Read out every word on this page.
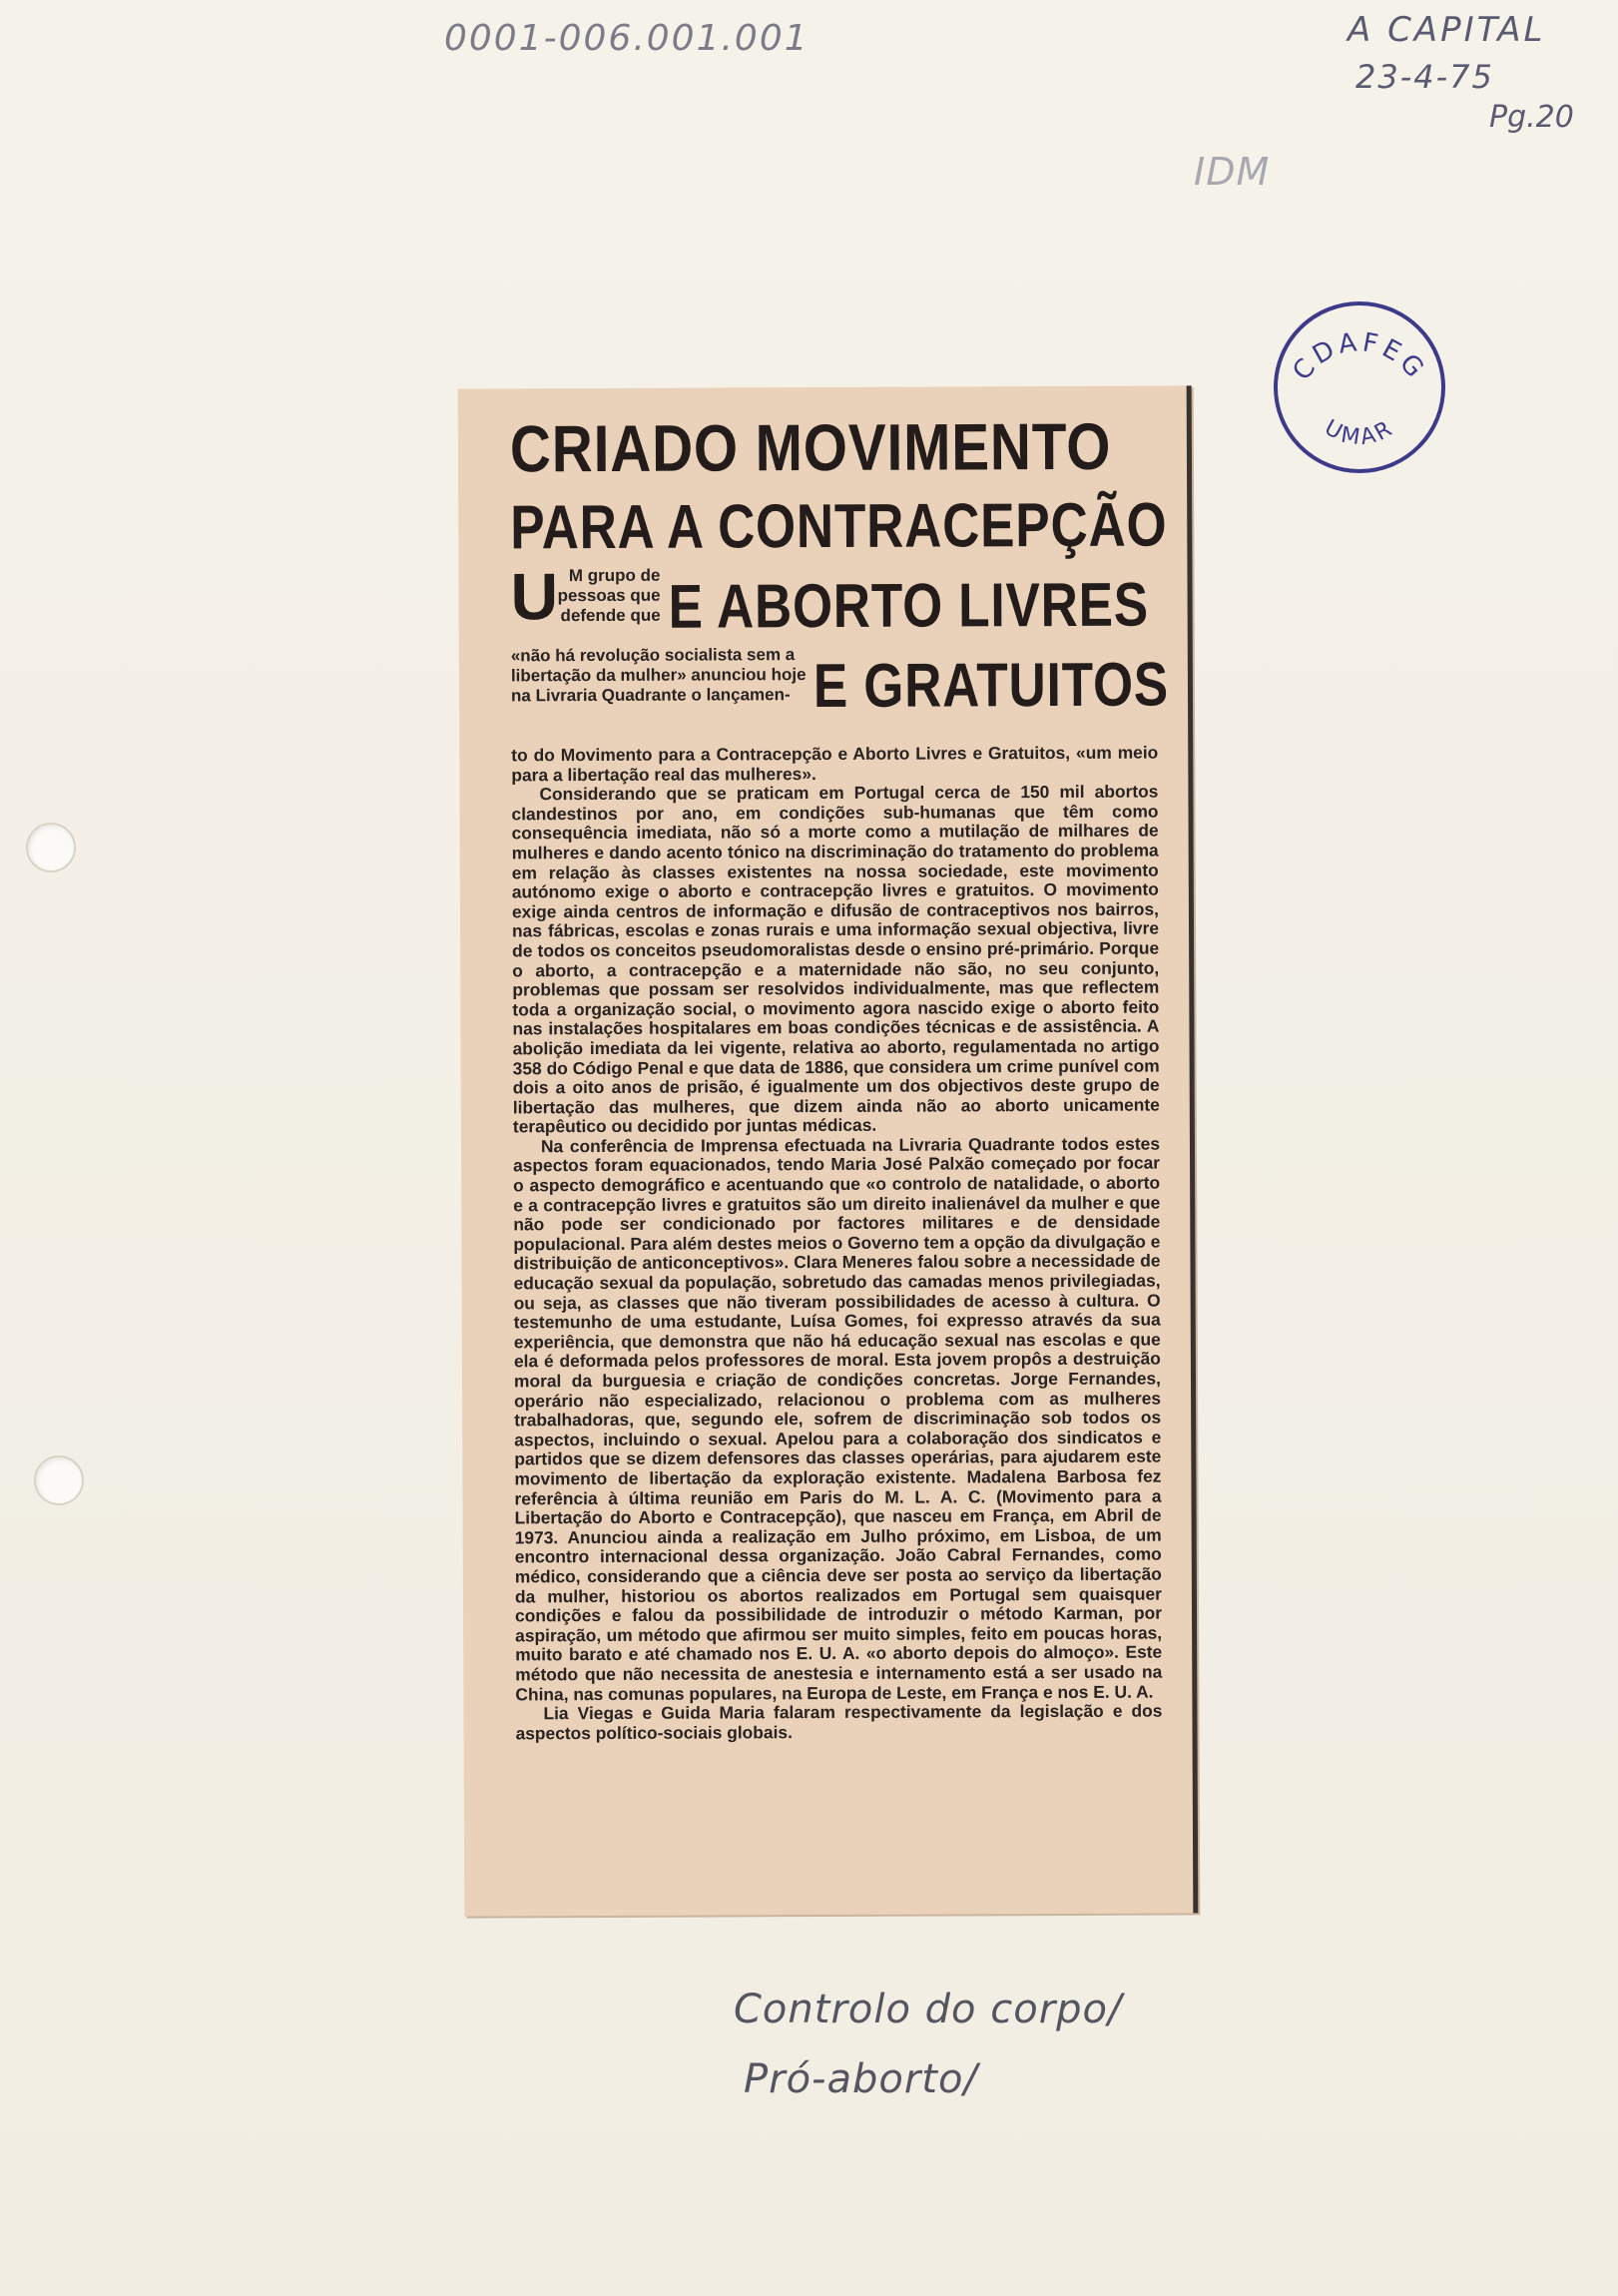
0001-006.001.001	A CAPITAL
23-4-75
Pg.20
IDM
CDAFEG
UMAR
CRIADO MOVIMENTO
PARA A CONTRACEPÇÃO
E ABORTO LIVRES
E GRATUITOS
U M grupo de pessoas que defende que
«não há revolução socialista sem a libertação da mulher» anunciou hoje na Livraria Quadrante o lançamen-

to do Movimento para a Contracepção e Aborto Livres e Gratuitos, «um meio para a libertação real das mulheres».

Considerando que se praticam em Portugal cerca de 150 mil abortos clandestinos por ano, em condições sub-humanas que têm como consequência imediata, não só a morte como a mutilação de milhares de mulheres e dando acento tónico na discriminação do tratamento do problema em relação às classes existentes na nossa sociedade, este movimento autónomo exige o aborto e contracepção livres e gratuitos. O movimento exige ainda centros de informação e difusão de contraceptivos nos bairros, nas fábricas, escolas e zonas rurais e uma informação sexual objectiva, livre de todos os conceitos pseudomoralistas desde o ensino pré-primário. Porque o aborto, a contracepção e a maternidade não são, no seu conjunto, problemas que possam ser resolvidos individualmente, mas que reflectem toda a organização social, o movimento agora nascido exige o aborto feito nas instalações hospitalares em boas condições técnicas e de assistência. A abolição imediata da lei vigente, relativa ao aborto, regulamentada no artigo 358 do Código Penal e que data de 1886, que considera um crime punível com dois a oito anos de prisão, é igualmente um dos objectivos deste grupo de libertação das mulheres, que dizem ainda não ao aborto unicamente terapêutico ou decidido por juntas médicas.

Na conferência de Imprensa efectuada na Livraria Quadrante todos estes aspectos foram equacionados, tendo Maria José Palxão começado por focar o aspecto demográfico e acentuando que «o controlo de natalidade, o aborto e a contracepção livres e gratuitos são um direito inalienável da mulher e que não pode ser condicionado por factores militares e de densidade populacional. Para além destes meios o Governo tem a opção da divulgação e distribuição de anticonceptivos». Clara Meneres falou sobre a necessidade de educação sexual da população, sobretudo das camadas menos privilegiadas, ou seja, as classes que não tiveram possibilidades de acesso à cultura. O testemunho de uma estudante, Luísa Gomes, foi expresso através da sua experiência, que demonstra que não há educação sexual nas escolas e que ela é deformada pelos professores de moral. Esta jovem propôs a destruição moral da burguesia e criação de condições concretas. Jorge Fernandes, operário não especializado, relacionou o problema com as mulheres trabalhadoras, que, segundo ele, sofrem de discriminação sob todos os aspectos, incluindo o sexual. Apelou para a colaboração dos sindicatos e partidos que se dizem defensores das classes operárias, para ajudarem este movimento de libertação da exploração existente. Madalena Barbosa fez referência à última reunião em Paris do M. L. A. C. (Movimento para a Libertação do Aborto e Contracepção), que nasceu em França, em Abril de 1973. Anunciou ainda a realização em Julho próximo, em Lisboa, de um encontro internacional dessa organização. João Cabral Fernandes, como médico, considerando que a ciência deve ser posta ao serviço da libertação da mulher, historiou os abortos realizados em Portugal sem quaisquer condições e falou da possibilidade de introduzir o método Karman, por aspiração, um método que afirmou ser muito simples, feito em poucas horas, muito barato e até chamado nos E. U. A. «o aborto depois do almoço». Este método que não necessita de anestesia e internamento está a ser usado na China, nas comunas populares, na Europa de Leste, em França e nos E. U. A.

Lia Viegas e Guida Maria falaram respectivamente da legislação e dos aspectos político-sociais globais.

Controlo do corpo/
Pró-aborto/
